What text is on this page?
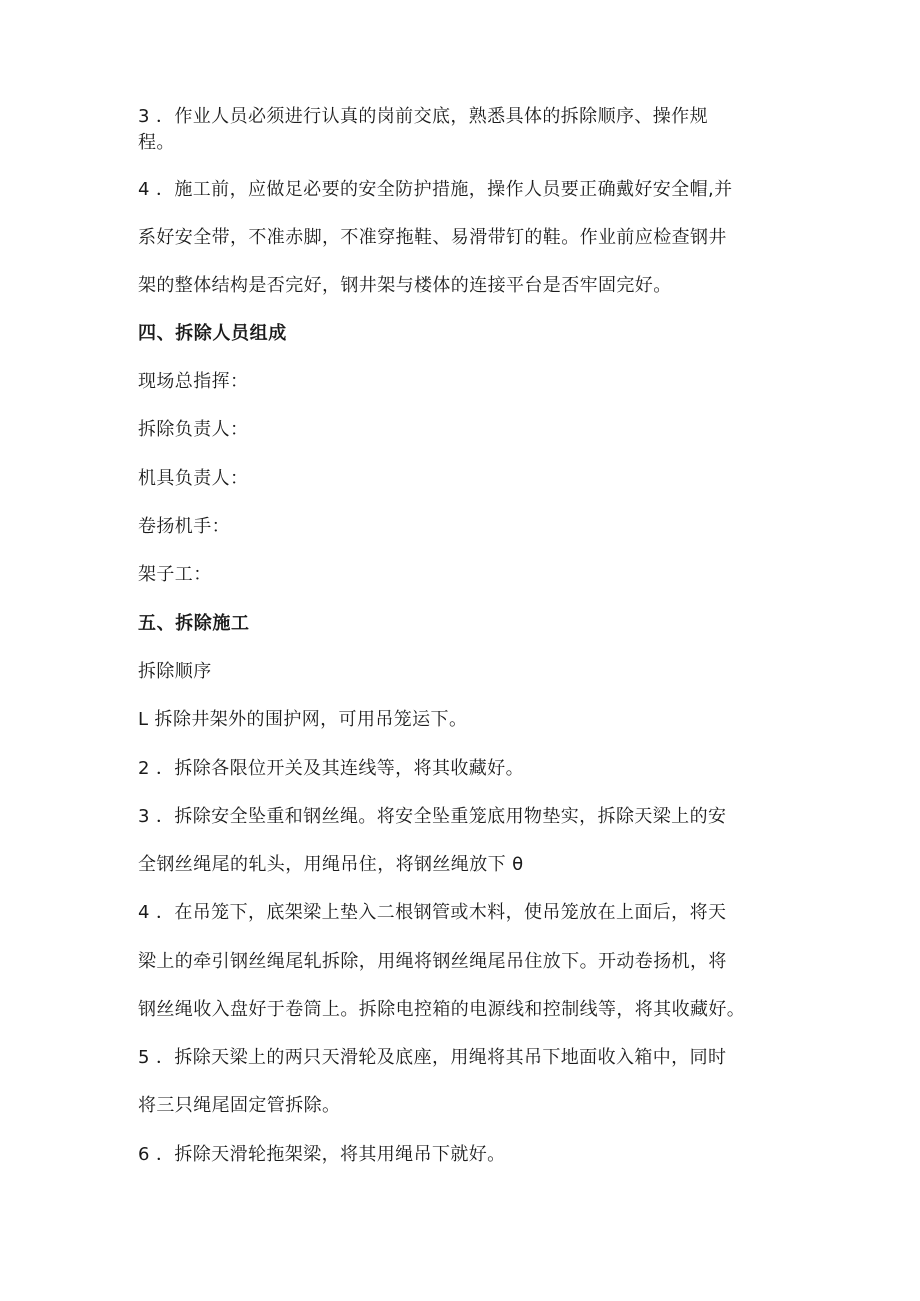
3 ．作业人员必须进行认真的岗前交底，熟悉具体的拆除顺序、操作规
程。
4 ．施工前，应做足必要的安全防护措施，操作人员要正确戴好安全帽,并
系好安全带，不准赤脚，不准穿拖鞋、易滑带钉的鞋。作业前应检查钢井
架的整体结构是否完好，钢井架与楼体的连接平台是否牢固完好。
四、拆除人员组成
现场总指挥：
拆除负责人：
机具负责人：
卷扬机手：
架子工：
五、拆除施工
拆除顺序
L 拆除井架外的围护网，可用吊笼运下。
2 ．拆除各限位开关及其连线等，将其收藏好。
3 ．拆除安全坠重和钢丝绳。将安全坠重笼底用物垫实，拆除天梁上的安
全钢丝绳尾的轧头，用绳吊住，将钢丝绳放下 θ
4 ．在吊笼下，底架梁上垫入二根钢管或木料，使吊笼放在上面后，将天
梁上的牵引钢丝绳尾轧拆除，用绳将钢丝绳尾吊住放下。开动卷扬机，将
钢丝绳收入盘好于卷筒上。拆除电控箱的电源线和控制线等，将其收藏好。
5 ．拆除天梁上的两只天滑轮及底座，用绳将其吊下地面收入箱中，同时
将三只绳尾固定管拆除。
6 ．拆除天滑轮拖架梁，将其用绳吊下就好。
